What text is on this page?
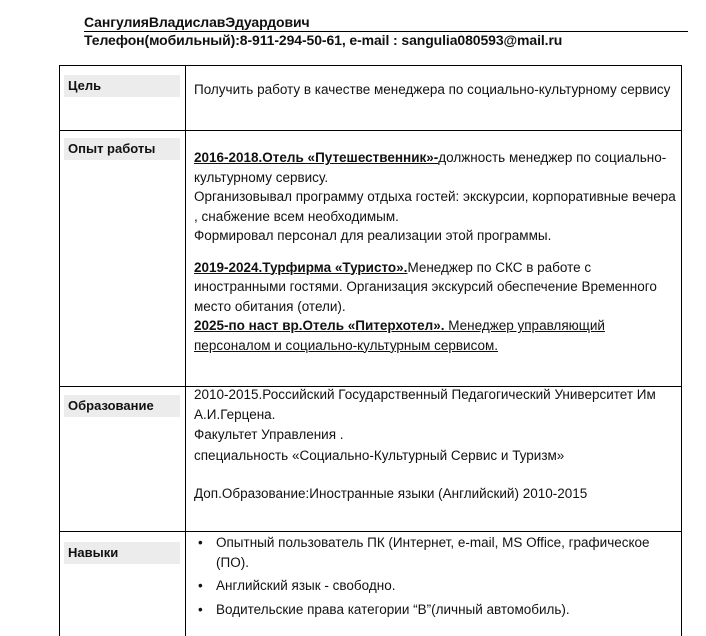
СангулияВладиславЭдуардович
Телефон(мобильный):8-911-294-50-61, e-mail : sangulia080593@mail.ru
Цель	Получить работу в качестве менеджера по социально-культурному сервису

Опыт работы

2016-2018.Отель «Путешественник»-должность менеджер по социально-культурному сервису.

Организовывал программу отдыха гостей: экскурсии, корпоративные вечера , снабжение всем необходимым.

Формировал персонал для реализации этой программы.

2019-2024.Турфирма «Туристо».Менеджер по СКС в работе с иностранными гостями. Организация экскурсий обеспечение Временного место обитания (отели).

2025-по наст вр.Отель «Питерхотел». Менеджер управляющий персоналом и социально-культурным сервисом.

Образование

2010-2015.Российский Государственный Педагогический Университет Им А.И.Герцена.

Факультет Управления .

специальность «Социально-Культурный Сервис и Туризм»

Доп.Образование:Иностранные языки (Английский) 2010-2015

Навыки
• Опытный пользователь ПК (Интернет, e-mail, MS Office, графическое (ПО).
• Английский язык - свободно.
• Водительские права категории “B”(личный автомобиль).
